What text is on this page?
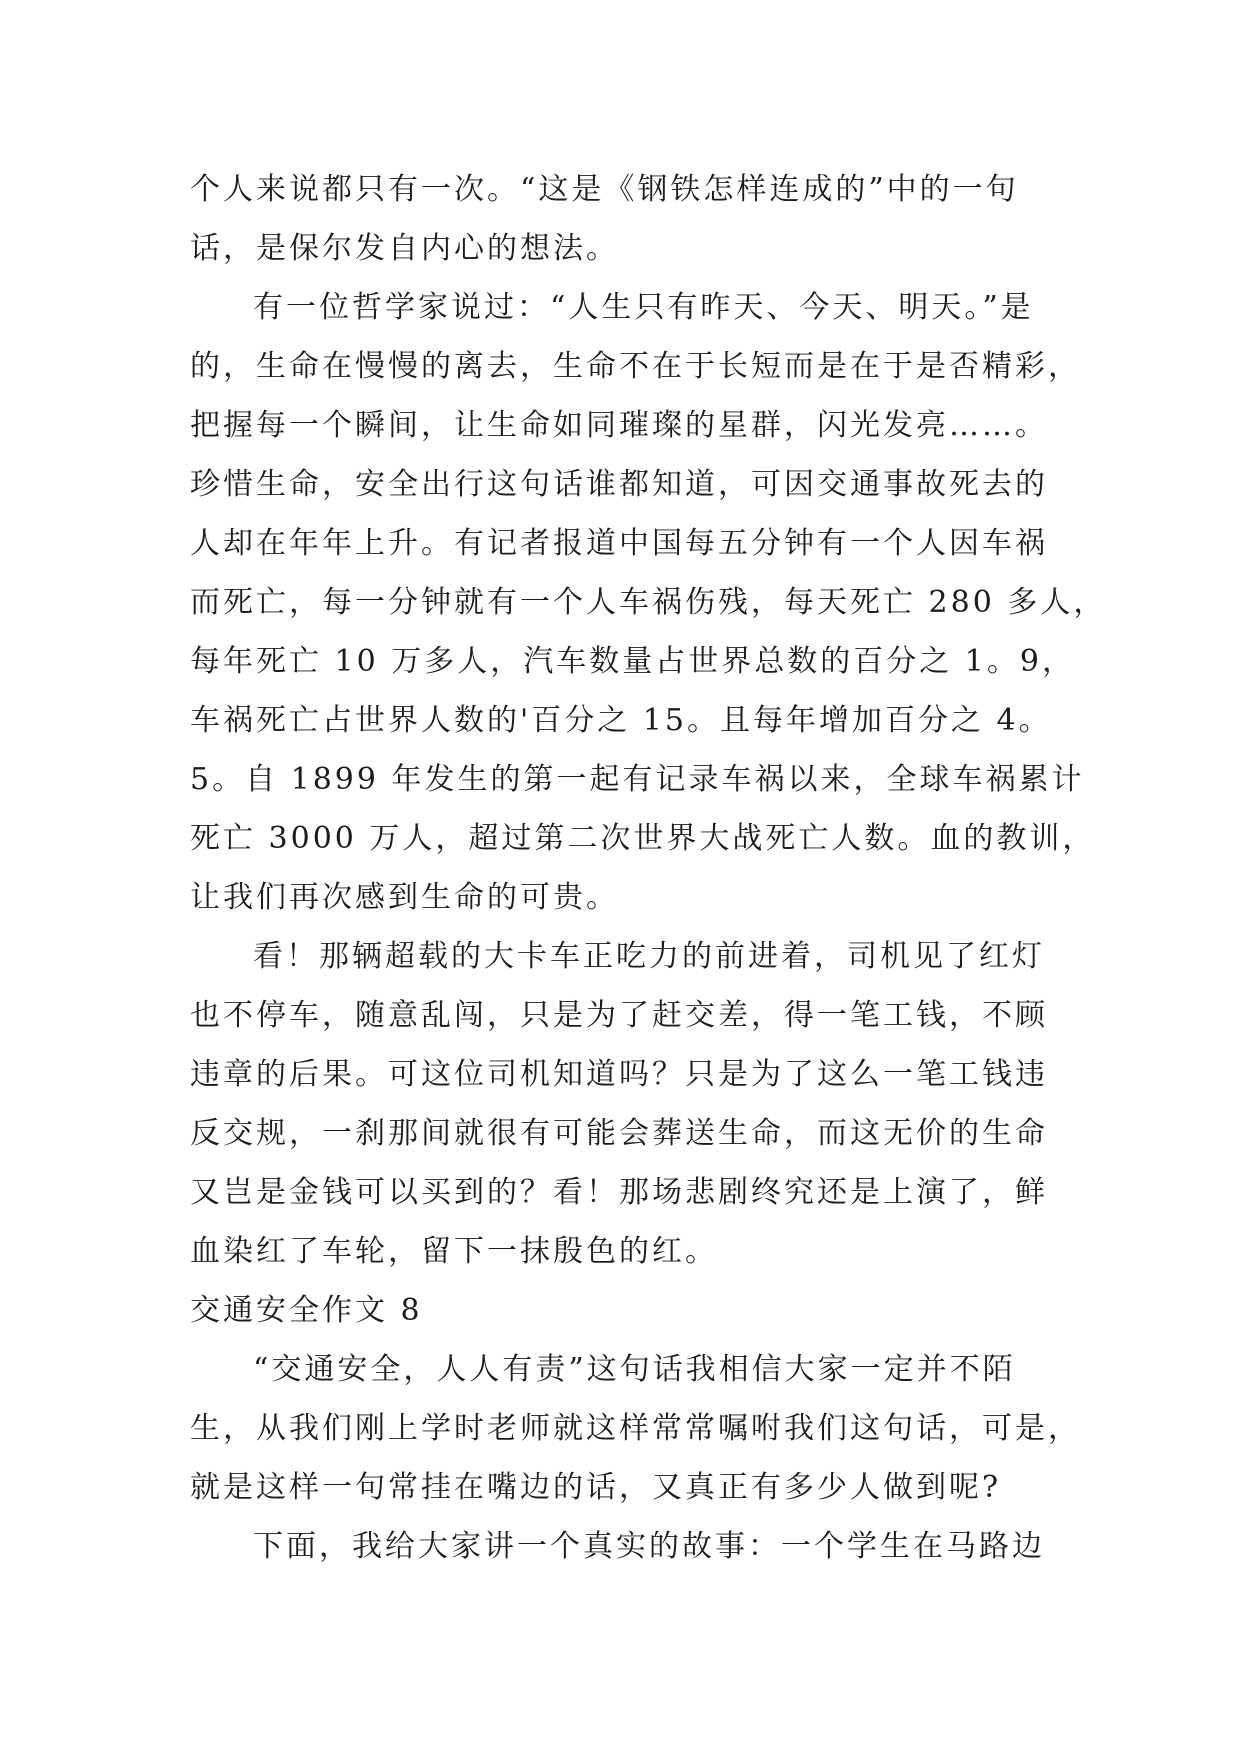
个人来说都只有一次。“这是《钢铁怎样连成的”中的一句
话，是保尔发自内心的想法。
有一位哲学家说过：“人生只有昨天、今天、明天。”是
的，生命在慢慢的离去，生命不在于长短而是在于是否精彩，
把握每一个瞬间，让生命如同璀璨的星群，闪光发亮……。
珍惜生命，安全出行这句话谁都知道，可因交通事故死去的
人却在年年上升。有记者报道中国每五分钟有一个人因车祸
而死亡，每一分钟就有一个人车祸伤残，每天死亡 280 多人，
每年死亡 10 万多人，汽车数量占世界总数的百分之 1。9，
车祸死亡占世界人数的'百分之 15。且每年增加百分之 4。
5。自 1899 年发生的第一起有记录车祸以来，全球车祸累计
死亡 3000 万人，超过第二次世界大战死亡人数。血的教训，
让我们再次感到生命的可贵。
看！那辆超载的大卡车正吃力的前进着，司机见了红灯
也不停车，随意乱闯，只是为了赶交差，得一笔工钱，不顾
违章的后果。可这位司机知道吗？只是为了这么一笔工钱违
反交规，一刹那间就很有可能会葬送生命，而这无价的生命
又岂是金钱可以买到的？看！那场悲剧终究还是上演了，鲜
血染红了车轮，留下一抹殷色的红。
交通安全作文 8
“交通安全，人人有责”这句话我相信大家一定并不陌
生，从我们刚上学时老师就这样常常嘱咐我们这句话，可是，
就是这样一句常挂在嘴边的话，又真正有多少人做到呢?
下面，我给大家讲一个真实的故事：一个学生在马路边
